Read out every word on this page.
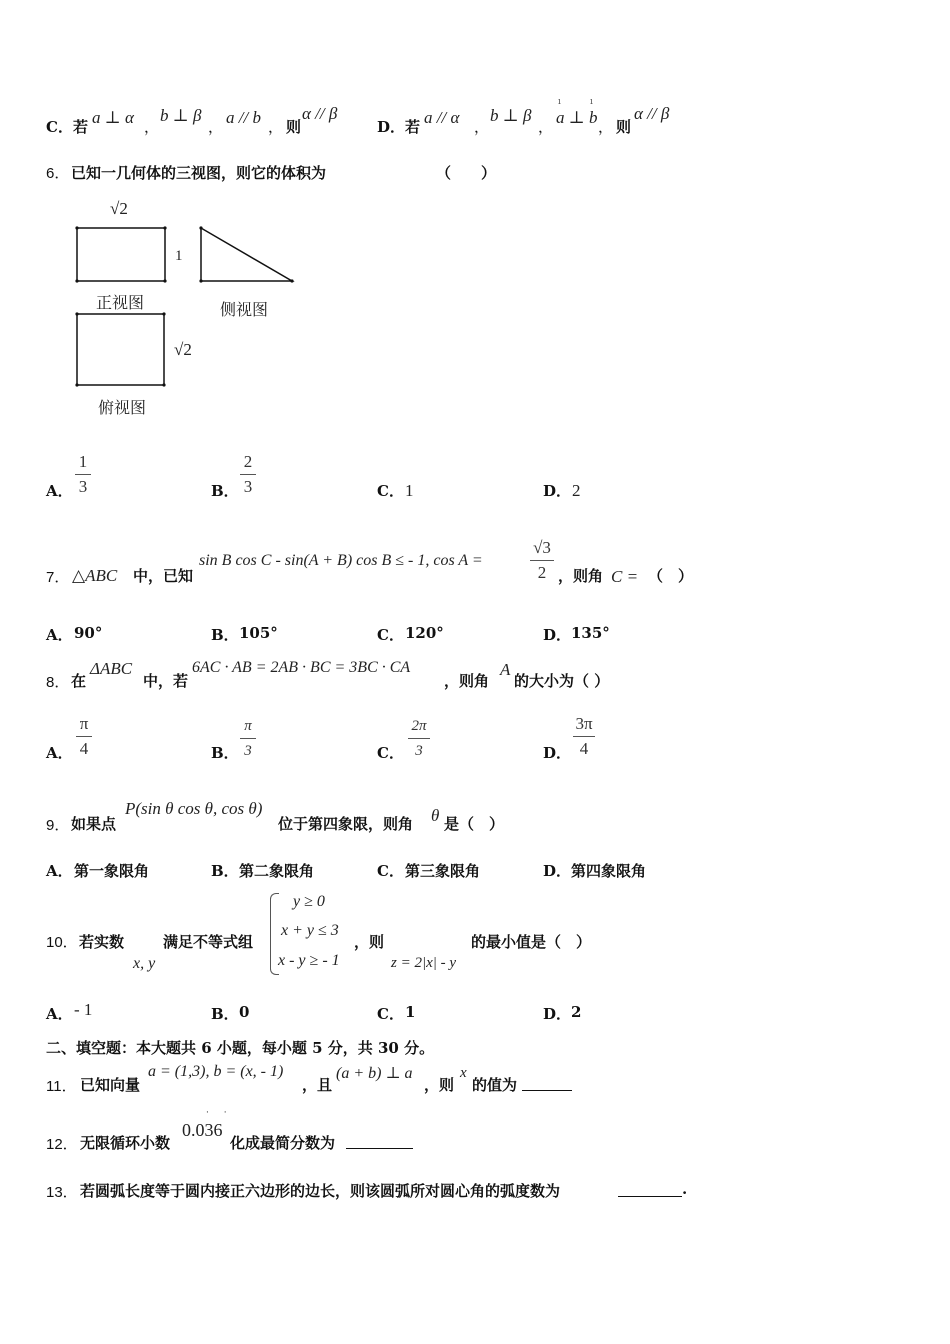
C．若 a ⊥ α ，
b ⊥ β
， a // b ， 则
α // β
D．若 a // α ，
b ⊥ β
， a ⊥ b
ı	ı
， 则
α // β
6． 已知一几何体的三视图，则它的体积为	（　　）
√2
1
正视图	侧视图
√2
俯视图
A．
1
3	B．
2
3	C． 1	D． 2
7． △ABC 中，已知
sin B cos C - sin(A + B) cos B ≤ - 1, cos A =
√3
2 ，则角 C = （　）
A． 90°	B． 105°	C． 120°	D． 135°
8． 在
ΔABC
中，若
6AC · AB = 2AB · BC = 3BC · CA
，则角
A
的大小为（ ）
A．
π
4	B．
π
3	C．
2π
3	D．
3π
4
9． 如果点
P(sin θ cos θ, cos θ)
位于第四象限，则角 θ 是（　）
A． 第一象限角	B． 第二象限角	C． 第三象限角	D． 第四象限角
10． 若实数
x, y
满足不等式组
y ≥ 0
x + y ≤ 3
x - y ≥ - 1
，则
z = 2|x| - y
的最小值是（　）
A． - 1	B． 0	C． 1	D． 2
二、填空题：本大题共 6 小题，每小题 5 分，共 30 分。
11． 已知向量
a = (1,3), b = (x, - 1)
，且
(a + b) ⊥ a
，则
x
的值为
12． 无限循环小数
· ·
0.036
化成最简分数为
13． 若圆弧长度等于圆内接正六边形的边长，则该圆弧所对圆心角的弧度数为	.
